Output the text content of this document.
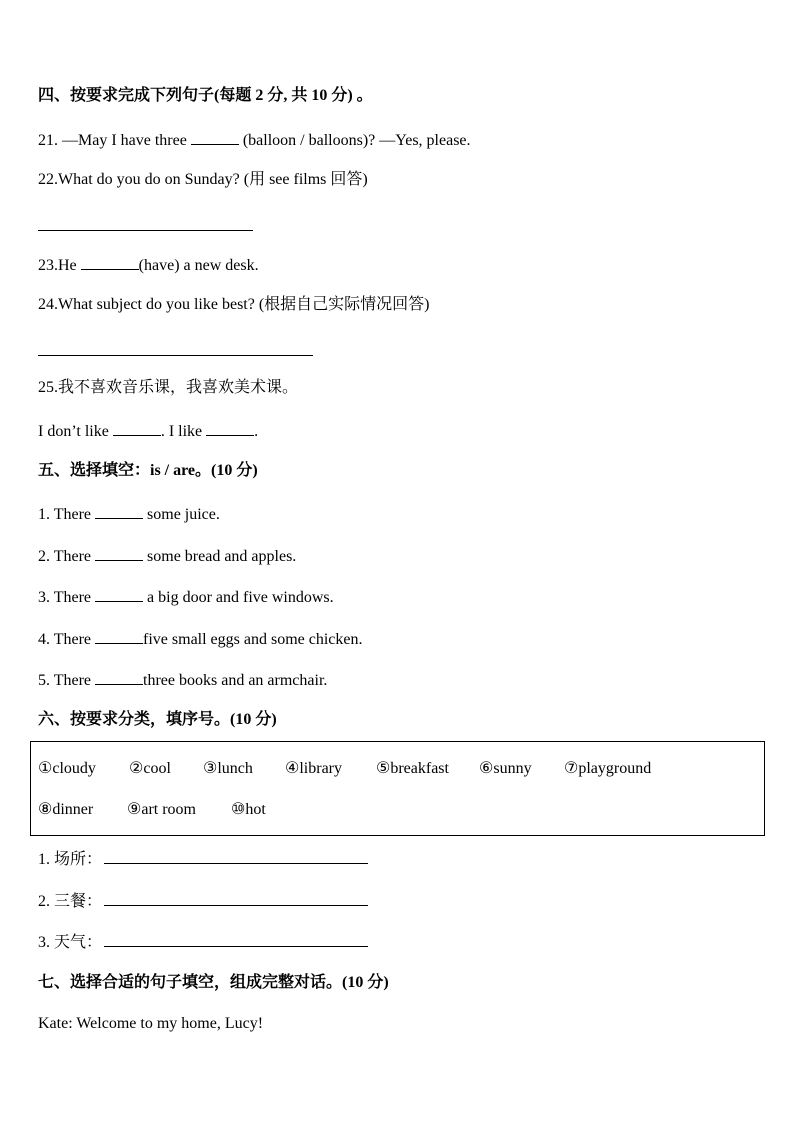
四、按要求完成下列句子(每题 2 分, 共 10 分) 。
21. —May I have three	(balloon / balloons)? —Yes, please.
22.What do you do on Sunday? (用 see films 回答)
23.He	(have) a new desk.
24.What subject do you like best? (根据自己实际情况回答)
25.我不喜欢音乐课，我喜欢美术课。
I don’t like	. I like	.
五、选择填空：is / are。(10 分)
1. There	some juice.
2. There	some bread and apples.
3. There	a big door and five windows.
4. There	five small eggs and some chicken.
5. There	three books and an armchair.
六、按要求分类，填序号。(10 分)
①cloudy ②cool ③lunch ④library ⑤breakfast ⑥sunny ⑦playground
⑧dinner ⑨art room ⑩hot
1. 场所：
2. 三餐：
3. 天气：
七、选择合适的句子填空，组成完整对话。(10 分)
Kate: Welcome to my home, Lucy!
